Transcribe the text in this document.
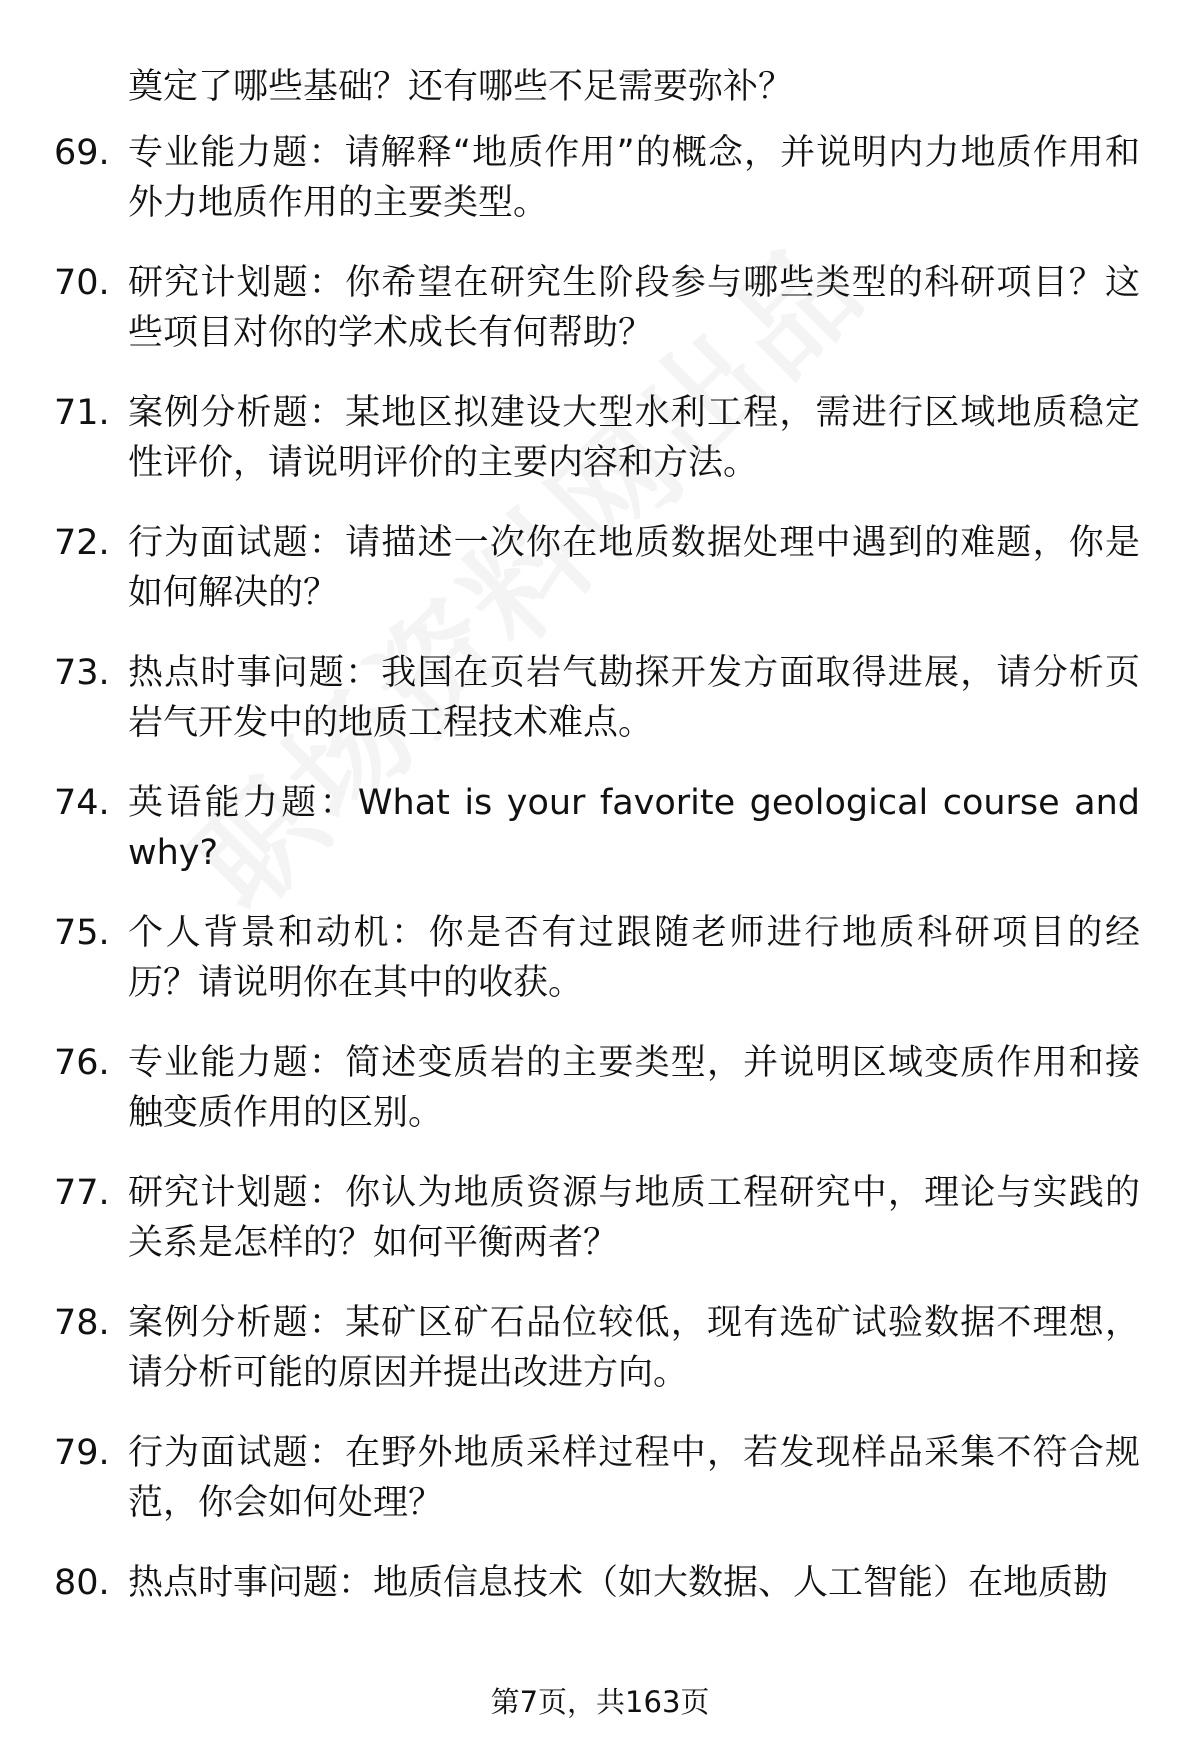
奠定了哪些基础？还有哪些不足需要弥补？

69. 专业能力题：请解释“地质作用”的概念，并说明内力地质作用和外力地质作用的主要类型。
70. 研究计划题：你希望在研究生阶段参与哪些类型的科研项目？这些项目对你的学术成长有何帮助？
71. 案例分析题：某地区拟建设大型水利工程，需进行区域地质稳定性评价，请说明评价的主要内容和方法。
72. 行为面试题：请描述一次你在地质数据处理中遇到的难题，你是如何解决的？
73. 热点时事问题：我国在页岩气勘探开发方面取得进展，请分析页岩气开发中的地质工程技术难点。
74. 英语能力题：What is your favorite geological course and why?
75. 个人背景和动机：你是否有过跟随老师进行地质科研项目的经历？请说明你在其中的收获。
76. 专业能力题：简述变质岩的主要类型，并说明区域变质作用和接触变质作用的区别。
77. 研究计划题：你认为地质资源与地质工程研究中，理论与实践的关系是怎样的？如何平衡两者？
78. 案例分析题：某矿区矿石品位较低，现有选矿试验数据不理想，请分析可能的原因并提出改进方向。
79. 行为面试题：在野外地质采样过程中，若发现样品采集不符合规范，你会如何处理？
80. 热点时事问题：地质信息技术（如大数据、人工智能）在地质勘
第7页，共163页
